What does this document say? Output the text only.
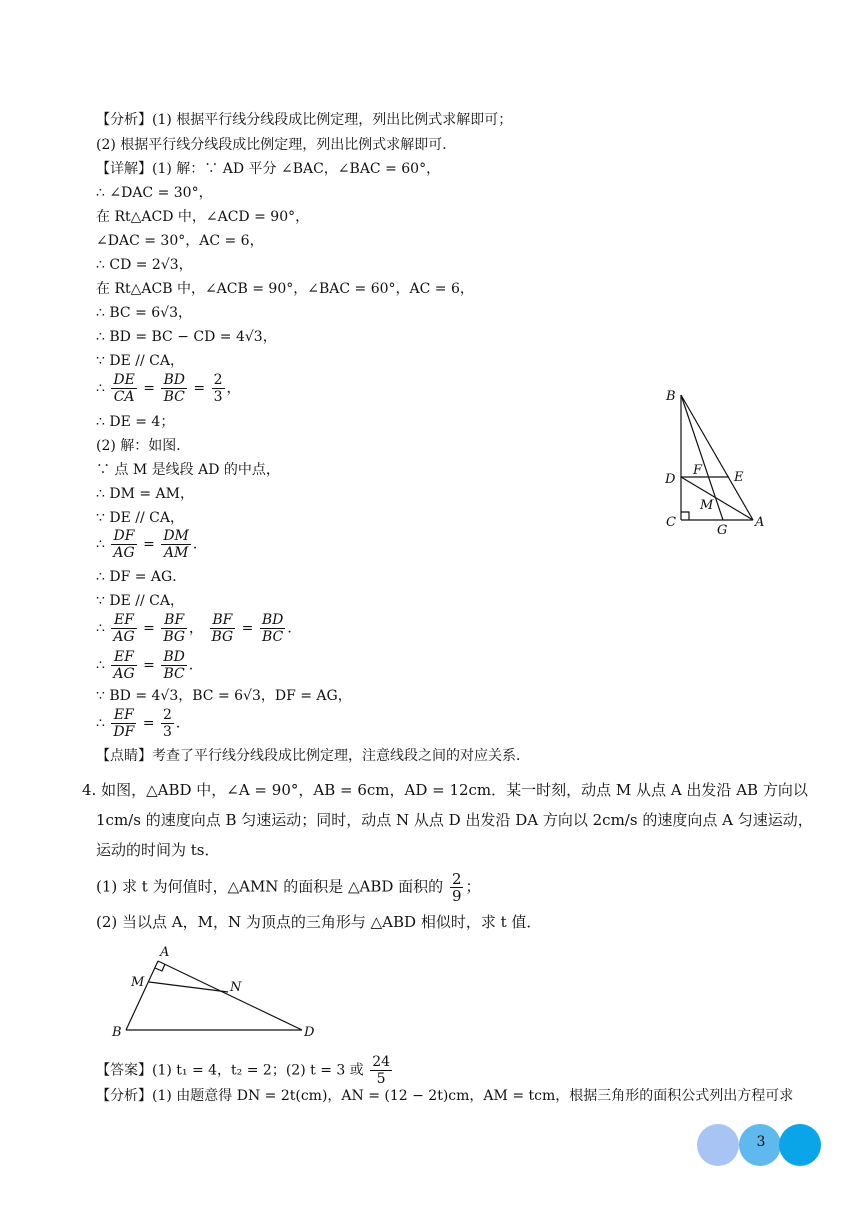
【分析】(1) 根据平行线分线段成比例定理，列出比例式求解即可；
(2) 根据平行线分线段成比例定理，列出比例式求解即可．
【详解】(1) 解：∵ AD 平分 ∠BAC，∠BAC = 60°，
∴ ∠DAC = 30°，
在 Rt△ACD 中，∠ACD = 90°，
∠DAC = 30°，AC = 6，
∴ CD = 2√3，
在 Rt△ACB 中，∠ACB = 90°，∠BAC = 60°，AC = 6，
∴ BC = 6√3，
∴ BD = BC − CD = 4√3，
∵ DE // CA，
∴ $\frac{DE}{CA} = \frac{BD}{BC} = \frac{2}{3}$ ，
∴ DE = 4；
(2) 解：如图．
∵ 点 M 是线段 AD 的中点，
∴ DM = AM，
∵ DE // CA，
∴ $\frac{DF}{AG} = \frac{DM}{AM}$ ．
∴ DF = AG．
∵ DE // CA，
∴ $\frac{EF}{AG} = \frac{BF}{BG}$ ， $\frac{BF}{BG} = \frac{BD}{BC}$ ．
∴ $\frac{EF}{AG} = \frac{BD}{BC}$ ．
∵ BD = 4√3，BC = 6√3，DF = AG，
∴ $\frac{EF}{DF} = \frac{2}{3}$ ．
【点睛】考查了平行线分线段成比例定理，注意线段之间的对应关系．
B
D
F E
M
C
G
A
4. 如图，△ABD 中，∠A = 90°，AB = 6cm，AD = 12cm．某一时刻，动点 M 从点 A 出发沿 AB 方向以
1cm/s 的速度向点 B 匀速运动；同时，动点 N 从点 D 出发沿 DA 方向以 2cm/s 的速度向点 A 匀速运动，
运动的时间为 ts．
(1) 求 t 为何值时，△AMN 的面积是 △ABD 面积的 $\frac{2}{9}$ ；
(2) 当以点 A，M，N 为顶点的三角形与 △ABD 相似时，求 t 值．
A
M	N
B	D
【答案】(1) t₁ = 4，t₂ = 2；(2) t = 3 或 $\frac{24}{5}$
【分析】(1) 由题意得 DN = 2t(cm)，AN = (12 − 2t)cm，AM = tcm，根据三角形的面积公式列出方程可求
3
